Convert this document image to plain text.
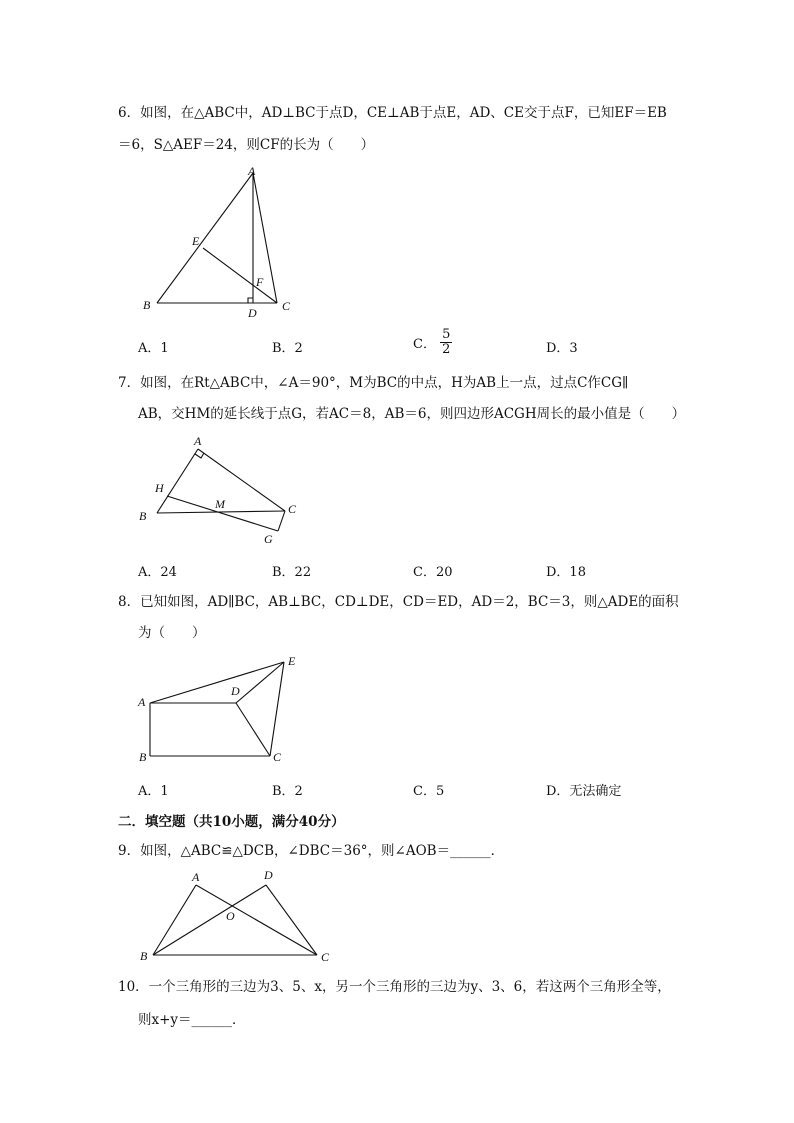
6．如图，在△ABC中，AD⊥BC于点D，CE⊥AB于点E，AD、CE交于点F，已知EF＝EB
＝6，S△AEF＝24，则CF的长为（　　）
A
E
F
B	C
D
A．1	B．2	C． $\frac{5}{2}$	D．3
7．如图，在Rt△ABC中，∠A＝90°，M为BC的中点，H为AB上一点，过点C作CG∥
AB，交HM的延长线于点G，若AC＝8，AB＝6，则四边形ACGH周长的最小值是（　　）
A
H
B
M	C
G
A．24	B．22	C．20	D．18
8．已知如图，AD∥BC，AB⊥BC，CD⊥DE，CD＝ED，AD＝2，BC＝3，则△ADE的面积
为（　　）
E
D
A
B	C
A．1	B．2	C．5	D．无法确定
二．填空题（共10小题，满分40分）
9．如图，△ABC≌△DCB，∠DBC＝36°，则∠AOB＝______．
A	D
O
B	C
10．一个三角形的三边为3、5、x，另一个三角形的三边为y、3、6，若这两个三角形全等，
则x+y＝______．
